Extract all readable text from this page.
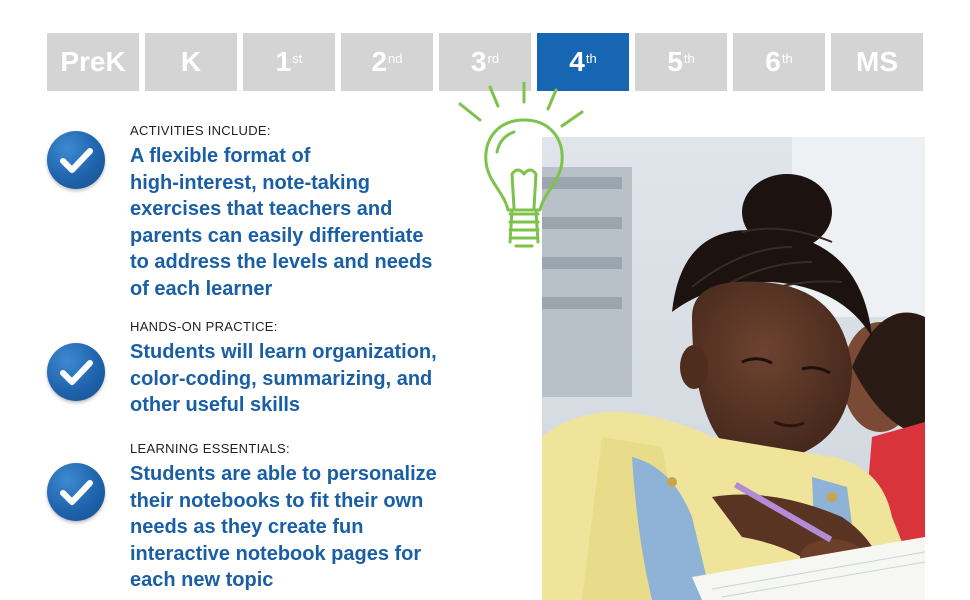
PreK K	1st 2nd 3rd	4th	5th	6th MS
ACTIVITIES INCLUDE:
A flexible format of
high-interest, note-taking
exercises that teachers and
parents can easily differentiate
to address the levels and needs
of each learner
HANDS-ON PRACTICE:
Students will learn organization,
color-coding, summarizing, and
other useful skills
LEARNING ESSENTIALS:
Students are able to personalize
their notebooks to fit their own
needs as they create fun
interactive notebook pages for
each new topic
